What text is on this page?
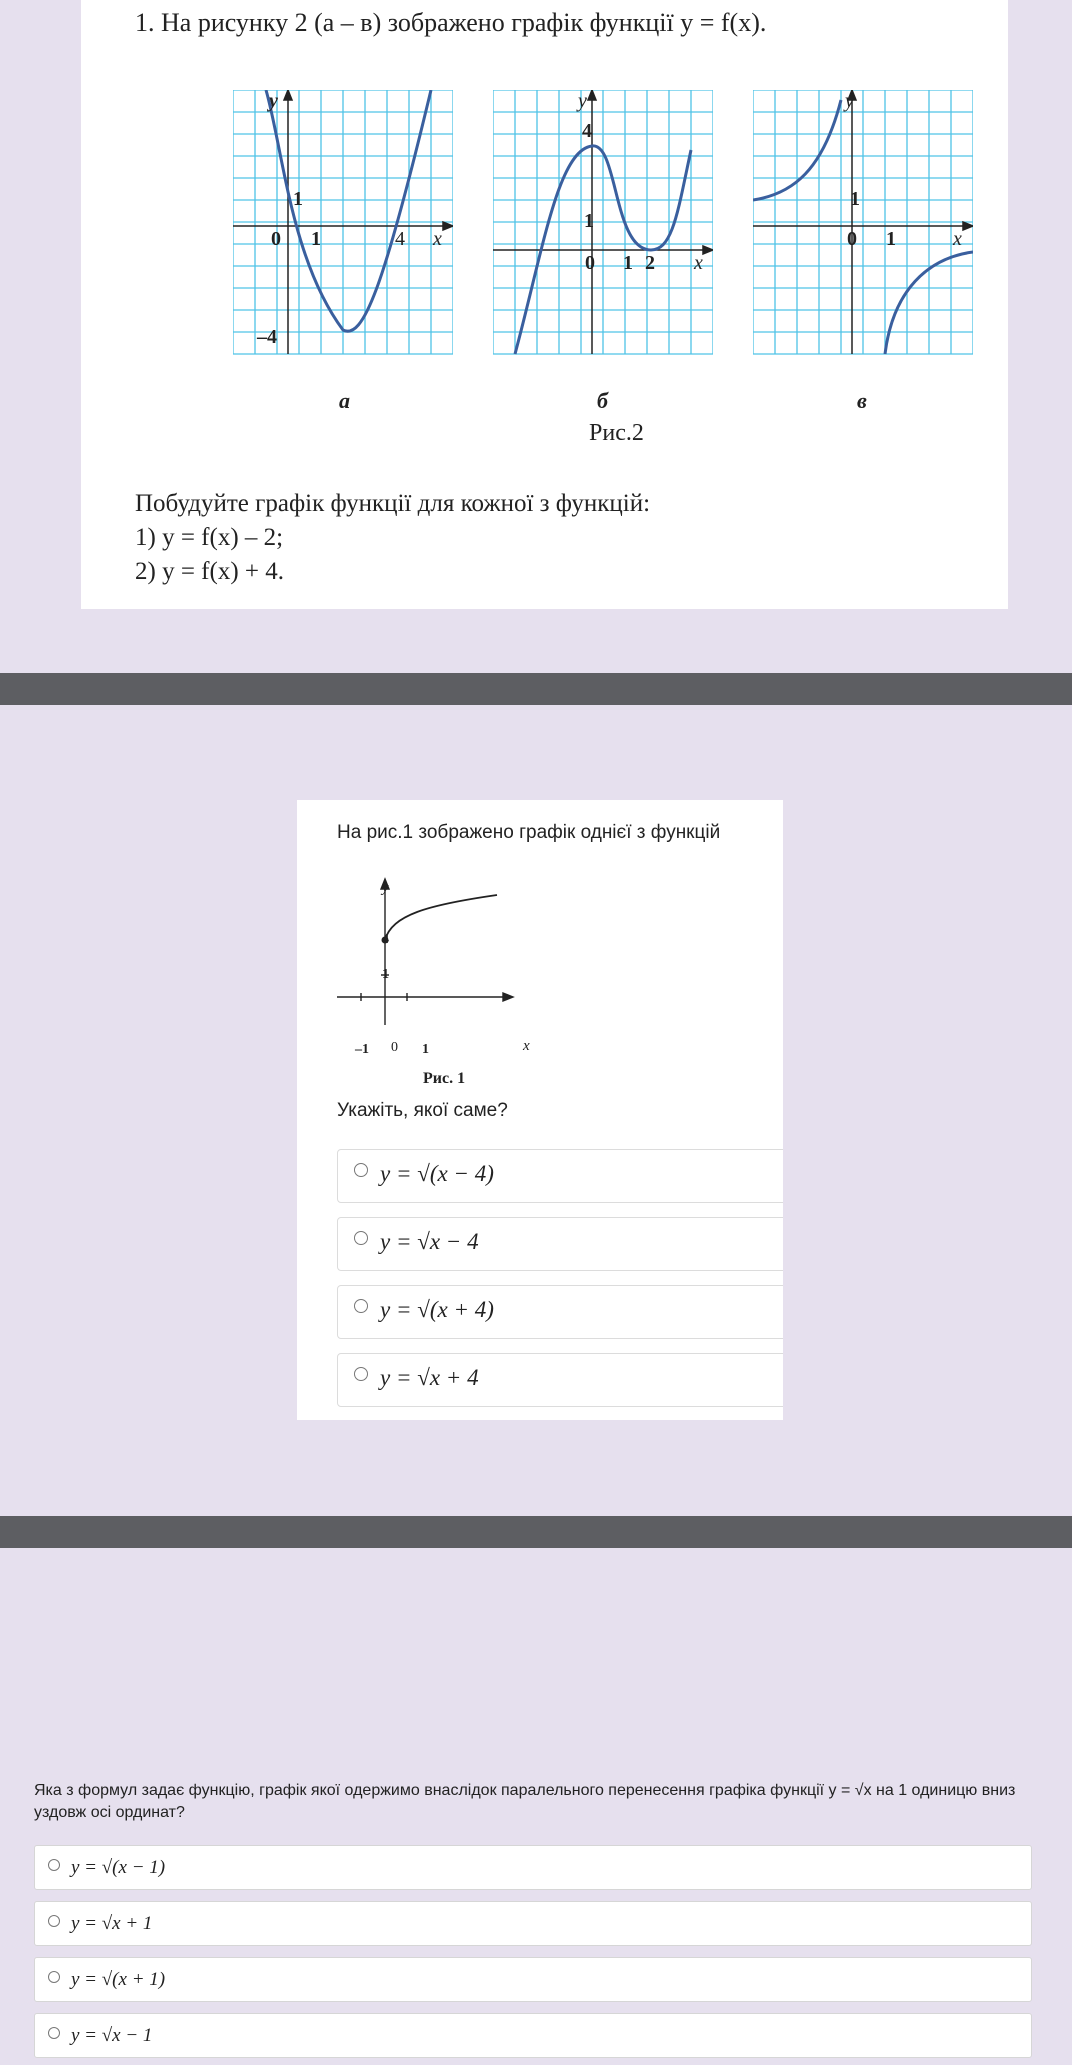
1. На рисунку 2 (а – в) зображено графік функції y = f(x).
y
x
0 1
1
4
–4
y
x
4
1
0 1 2
y
x
1
0 1
а	б	в
Рис.2
Побудуйте графік функції для кожної з функцій:
1) y = f(x) – 2;
2) y = f(x) + 4.
На рис.1 зображено графік однієї з функцій
y
x
4
1
–1 0 1
Рис. 1
Укажіть, якої саме?
y = √(x − 4)
y = √x − 4
y = √(x + 4)
y = √x + 4
Яка з формул задає функцію, графік якої одержимо внаслідок паралельного перенесення графіка функції y = √x на 1 одиницю вниз уздовж осі ординат?
y = √(x − 1)
y = √x + 1
y = √(x + 1)
y = √x − 1
